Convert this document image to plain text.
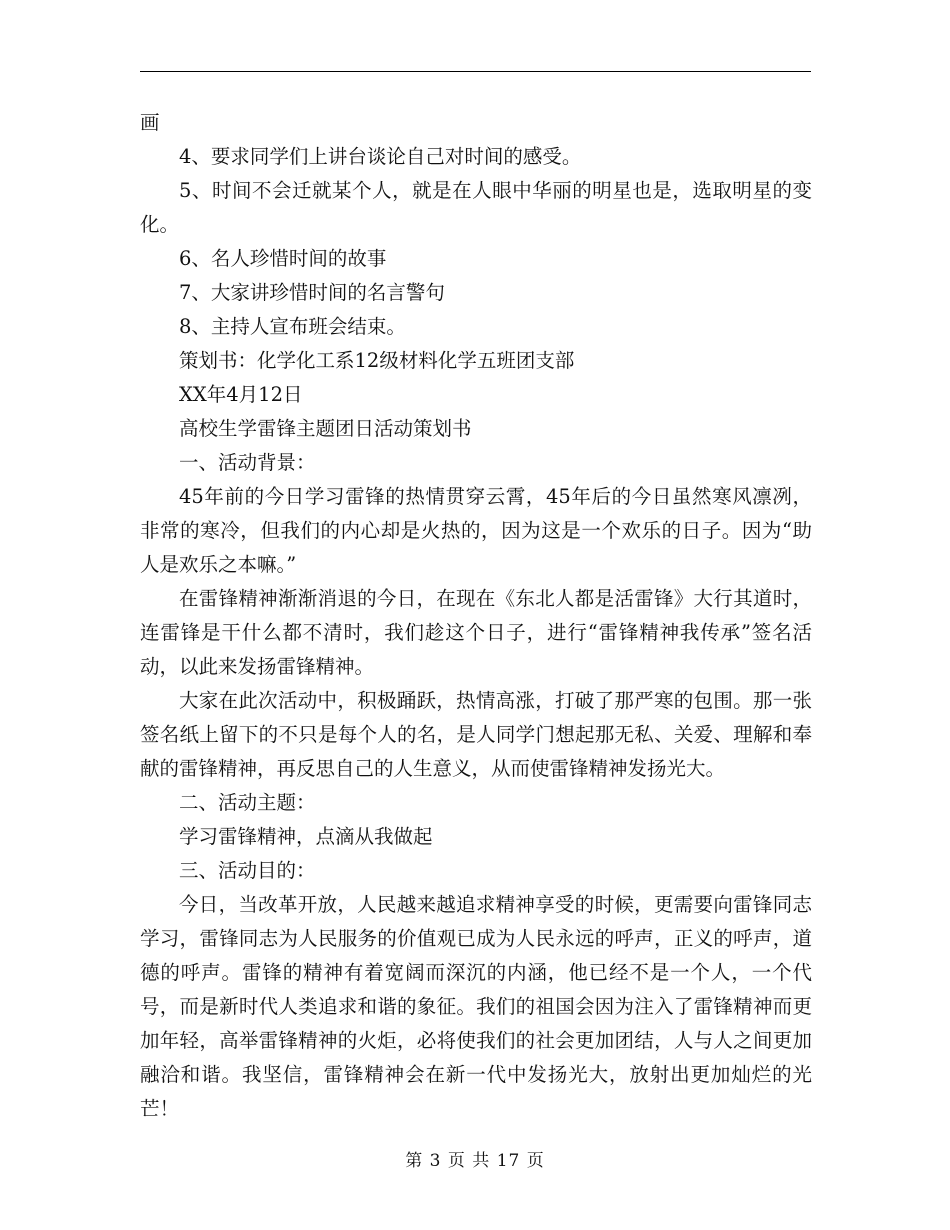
画

4、要求同学们上讲台谈论自己对时间的感受。

5、时间不会迁就某个人，就是在人眼中华丽的明星也是，选取明星的变化。

6、名人珍惜时间的故事

7、大家讲珍惜时间的名言警句

8、主持人宣布班会结束。

策划书：化学化工系12级材料化学五班团支部

XX年4月12日

高校生学雷锋主题团日活动策划书

一、活动背景：

45年前的今日学习雷锋的热情贯穿云霄，45年后的今日虽然寒风凛冽，非常的寒冷，但我们的内心却是火热的，因为这是一个欢乐的日子。因为“助人是欢乐之本嘛。”

在雷锋精神渐渐消退的今日，在现在《东北人都是活雷锋》大行其道时，连雷锋是干什么都不清时，我们趁这个日子，进行“雷锋精神我传承”签名活动，以此来发扬雷锋精神。

大家在此次活动中，积极踊跃，热情高涨，打破了那严寒的包围。那一张签名纸上留下的不只是每个人的名，是人同学门想起那无私、关爱、理解和奉献的雷锋精神，再反思自己的人生意义，从而使雷锋精神发扬光大。

二、活动主题：

学习雷锋精神，点滴从我做起

三、活动目的：

今日，当改革开放，人民越来越追求精神享受的时候，更需要向雷锋同志学习，雷锋同志为人民服务的价值观已成为人民永远的呼声，正义的呼声，道德的呼声。雷锋的精神有着宽阔而深沉的内涵，他已经不是一个人，一个代号，而是新时代人类追求和谐的象征。我们的祖国会因为注入了雷锋精神而更加年轻，高举雷锋精神的火炬，必将使我们的社会更加团结，人与人之间更加融洽和谐。我坚信，雷锋精神会在新一代中发扬光大，放射出更加灿烂的光芒！

第 3 页 共 17 页
